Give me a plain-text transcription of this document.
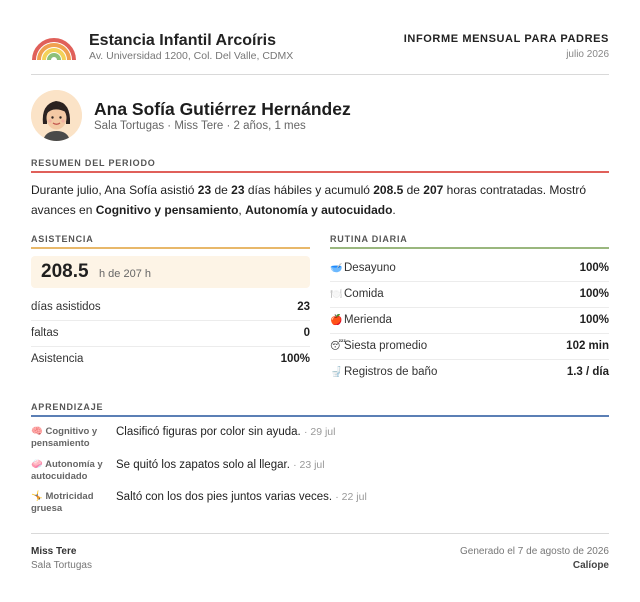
Estancia Infantil Arcoíris
Av. Universidad 1200, Col. Del Valle, CDMX
INFORME MENSUAL PARA PADRES
julio 2026
Ana Sofía Gutiérrez Hernández
Sala Tortugas · Miss Tere · 2 años, 1 mes
RESUMEN DEL PERIODO
Durante julio, Ana Sofía asistió 23 de 23 días hábiles y acumuló 208.5 de 207 horas contratadas. Mostró avances en Cognitivo y pensamiento, Autonomía y autocuidado.
ASISTENCIA
208.5 h de 207 h
días asistidos	23
faltas	0
Asistencia	100%
RUTINA DIARIA
🥣 Desayuno	100%
🍽️ Comida	100%
🍎 Merienda	100%
😴Siesta promedio	102 min
🚽 Registros de baño	1.3 / día
APRENDIZAJE
🧠 Cognitivo y pensamiento
Clasificó figuras por color sin ayuda. · 29 jul
🧼 Autonomía y autocuidado
Se quitó los zapatos solo al llegar. · 23 jul
🤸 Motricidad gruesa
Saltó con los dos pies juntos varias veces. · 22 jul
Miss Tere
Sala Tortugas
Generado el 7 de agosto de 2026
Calíope
